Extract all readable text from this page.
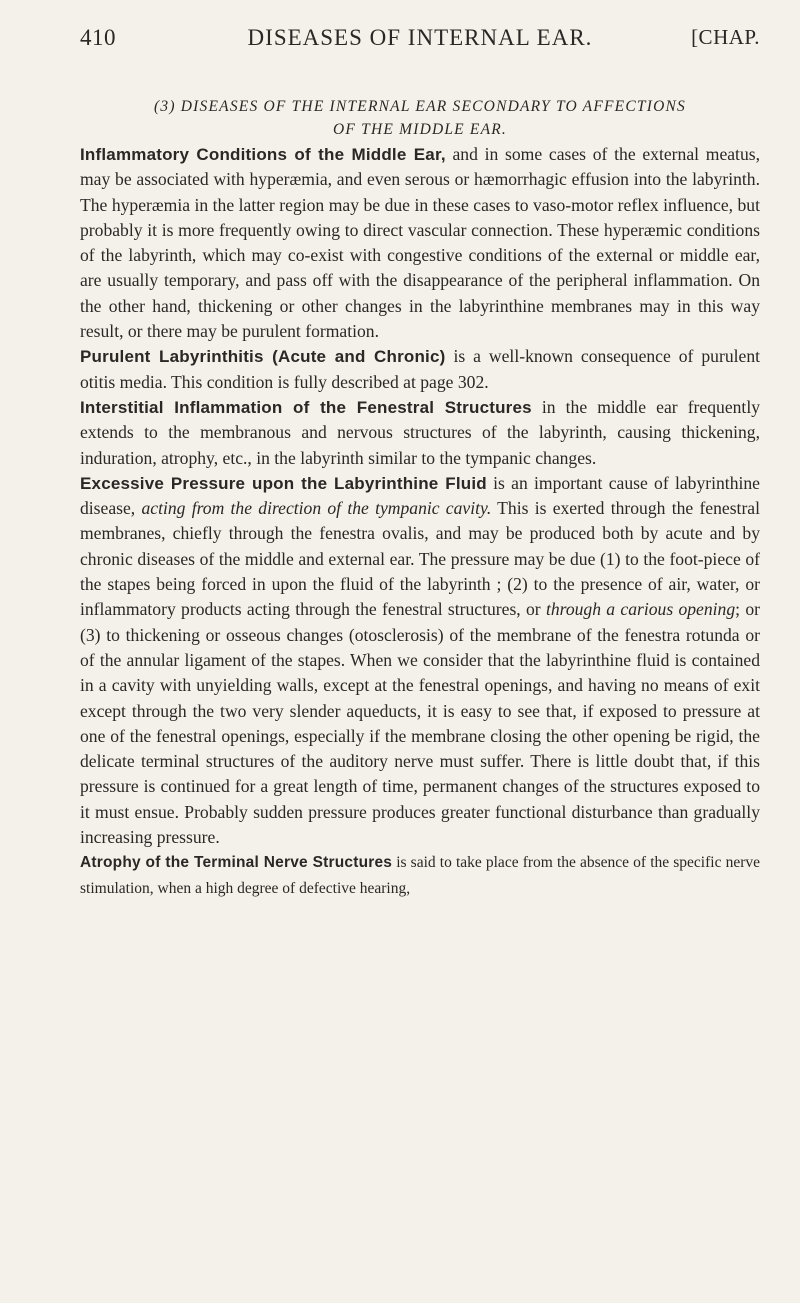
410	DISEASES OF INTERNAL EAR.	[CHAP.
(3) DISEASES OF THE INTERNAL EAR SECONDARY TO AFFECTIONS
OF THE MIDDLE EAR.

Inflammatory Conditions of the Middle Ear, and in some cases of the external meatus, may be associated with hyperæmia, and even serous or hæmorrhagic effusion into the labyrinth. The hyperæmia in the latter region may be due in these cases to vaso-motor reflex influence, but probably it is more frequently owing to direct vascular connection. These hyperæmic conditions of the labyrinth, which may co-exist with congestive conditions of the external or middle ear, are usually temporary, and pass off with the disappearance of the peripheral inflammation. On the other hand, thickening or other changes in the labyrinthine membranes may in this way result, or there may be purulent formation.

Purulent Labyrinthitis (Acute and Chronic) is a well-known consequence of purulent otitis media. This condition is fully described at page 302.

Interstitial Inflammation of the Fenestral Structures in the middle ear frequently extends to the membranous and nervous structures of the labyrinth, causing thickening, induration, atrophy, etc., in the labyrinth similar to the tympanic changes.

Excessive Pressure upon the Labyrinthine Fluid is an important cause of labyrinthine disease, acting from the direction of the tympanic cavity. This is exerted through the fenestral membranes, chiefly through the fenestra ovalis, and may be produced both by acute and by chronic diseases of the middle and external ear. The pressure may be due (1) to the foot-piece of the stapes being forced in upon the fluid of the labyrinth ; (2) to the presence of air, water, or inflammatory products acting through the fenestral structures, or through a carious opening; or (3) to thickening or osseous changes (otosclerosis) of the membrane of the fenestra rotunda or of the annular ligament of the stapes. When we consider that the labyrinthine fluid is contained in a cavity with unyielding walls, except at the fenestral openings, and having no means of exit except through the two very slender aqueducts, it is easy to see that, if exposed to pressure at one of the fenestral openings, especially if the membrane closing the other opening be rigid, the delicate terminal structures of the auditory nerve must suffer. There is little doubt that, if this pressure is continued for a great length of time, permanent changes of the structures exposed to it must ensue. Probably sudden pressure produces greater functional disturbance than gradually increasing pressure.

Atrophy of the Terminal Nerve Structures is said to take place from the absence of the specific nerve stimulation, when a high degree of defective hearing,
